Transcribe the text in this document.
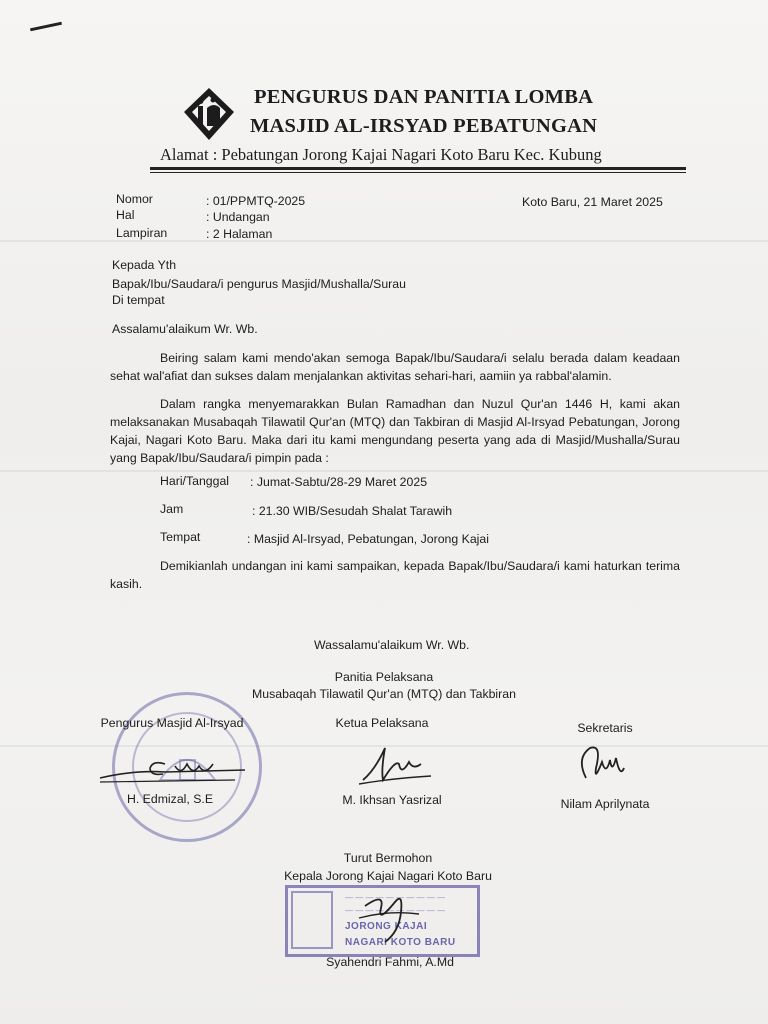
PENGURUS DAN PANITIA LOMBA
MASJID AL-IRSYAD PEBATUNGAN
Alamat : Pebatungan Jorong Kajai Nagari Koto Baru Kec. Kubung
Nomor	: 01/PPMTQ-2025
Hal	: Undangan
Lampiran	: 2 Halaman
Koto Baru, 21 Maret 2025
Kepada Yth
Bapak/Ibu/Saudara/i pengurus Masjid/Mushalla/Surau
Di tempat
Assalamu'alaikum Wr. Wb.
Beiring salam kami mendo'akan semoga Bapak/Ibu/Saudara/i selalu berada dalam keadaan sehat wal'afiat dan sukses dalam menjalankan aktivitas sehari-hari, aamiin ya rabbal'alamin.
Dalam rangka menyemarakkan Bulan Ramadhan dan Nuzul Qur'an 1446 H, kami akan melaksanakan Musabaqah Tilawatil Qur'an (MTQ) dan Takbiran di Masjid Al-Irsyad Pebatungan, Jorong Kajai, Nagari Koto Baru. Maka dari itu kami mengundang peserta yang ada di Masjid/Mushalla/Surau yang Bapak/Ibu/Saudara/i pimpin pada :
Hari/Tanggal : Jumat-Sabtu/28-29 Maret 2025
Jam	: 21.30 WIB/Sesudah Shalat Tarawih
Tempat	: Masjid Al-Irsyad, Pebatungan, Jorong Kajai
Demikianlah undangan ini kami sampaikan, kepada Bapak/Ibu/Saudara/i kami haturkan terima kasih.
Wassalamu'alaikum Wr. Wb.
Panitia Pelaksana
Musabaqah Tilawatil Qur'an (MTQ) dan Takbiran
Pengurus Masjid Al-Irsyad
H. Edmizal, S.E
Ketua Pelaksana
M. Ikhsan Yasrizal
Sekretaris
Nilam Aprilynata
Turut Bermohon
Kepala Jorong Kajai Nagari Koto Baru
— — — — — — — — — —
— — — — — — — — — —
JORONG KAJAI
NAGARI KOTO BARU
Syahendri Fahmi, A.Md
